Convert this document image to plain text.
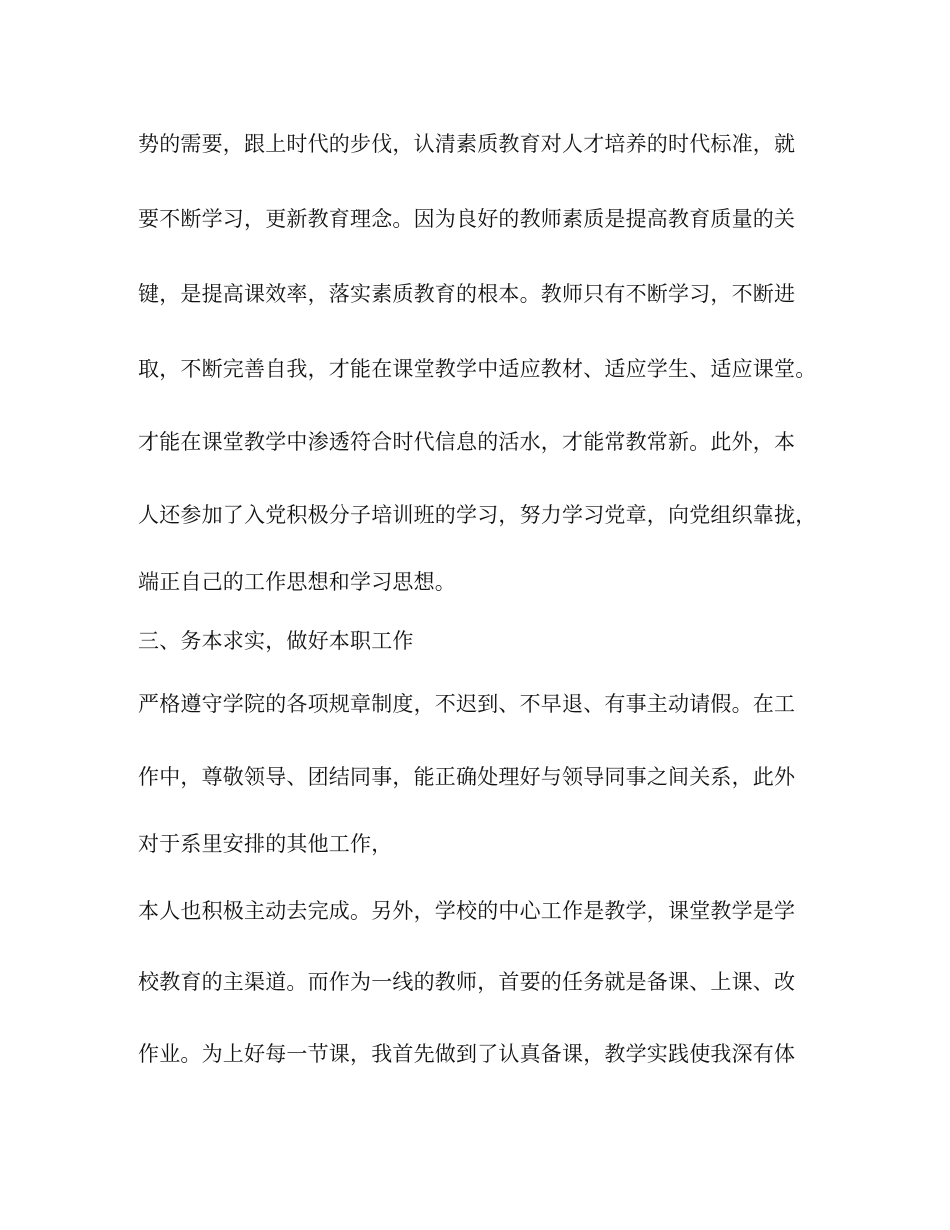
势的需要，跟上时代的步伐，认清素质教育对人才培养的时代标准，就
要不断学习，更新教育理念。因为良好的教师素质是提高教育质量的关
键，是提高课效率，落实素质教育的根本。教师只有不断学习，不断进
取，不断完善自我，才能在课堂教学中适应教材、适应学生、适应课堂。
才能在课堂教学中渗透符合时代信息的活水，才能常教常新。此外，本
人还参加了入党积极分子培训班的学习，努力学习党章，向党组织靠拢，
端正自己的工作思想和学习思想。
三、务本求实，做好本职工作
严格遵守学院的各项规章制度，不迟到、不早退、有事主动请假。在工
作中，尊敬领导、团结同事，能正确处理好与领导同事之间关系，此外
对于系里安排的其他工作，
本人也积极主动去完成。另外，学校的中心工作是教学，课堂教学是学
校教育的主渠道。而作为一线的教师，首要的任务就是备课、上课、改
作业。为上好每一节课，我首先做到了认真备课，教学实践使我深有体
